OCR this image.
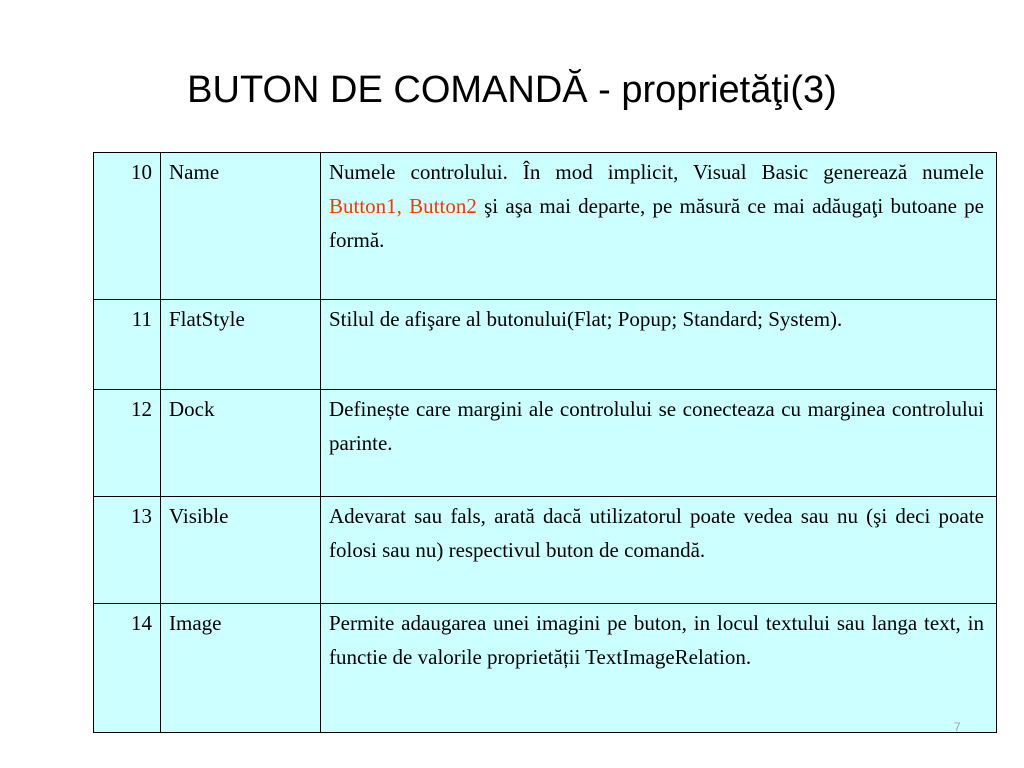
BUTON DE COMANDĂ - proprietăţi(3)
10	Name	Numele controlului. În mod implicit, Visual Basic generează numele Button1, Button2 şi aşa mai departe, pe măsură ce mai adăugaţi butoane pe formă.
11	FlatStyle	Stilul de afişare al butonului(Flat; Popup; Standard; System).
12	Dock	Definește care margini ale controlului se conecteaza cu marginea controlului parinte.
13	Visible	Adevarat sau fals, arată dacă utilizatorul poate vedea sau nu (şi deci poate folosi sau nu) respectivul buton de comandă.
14	Image	Permite adaugarea unei imagini pe buton, in locul textului sau langa text, in functie de valorile proprietății TextImageRelation.
7
